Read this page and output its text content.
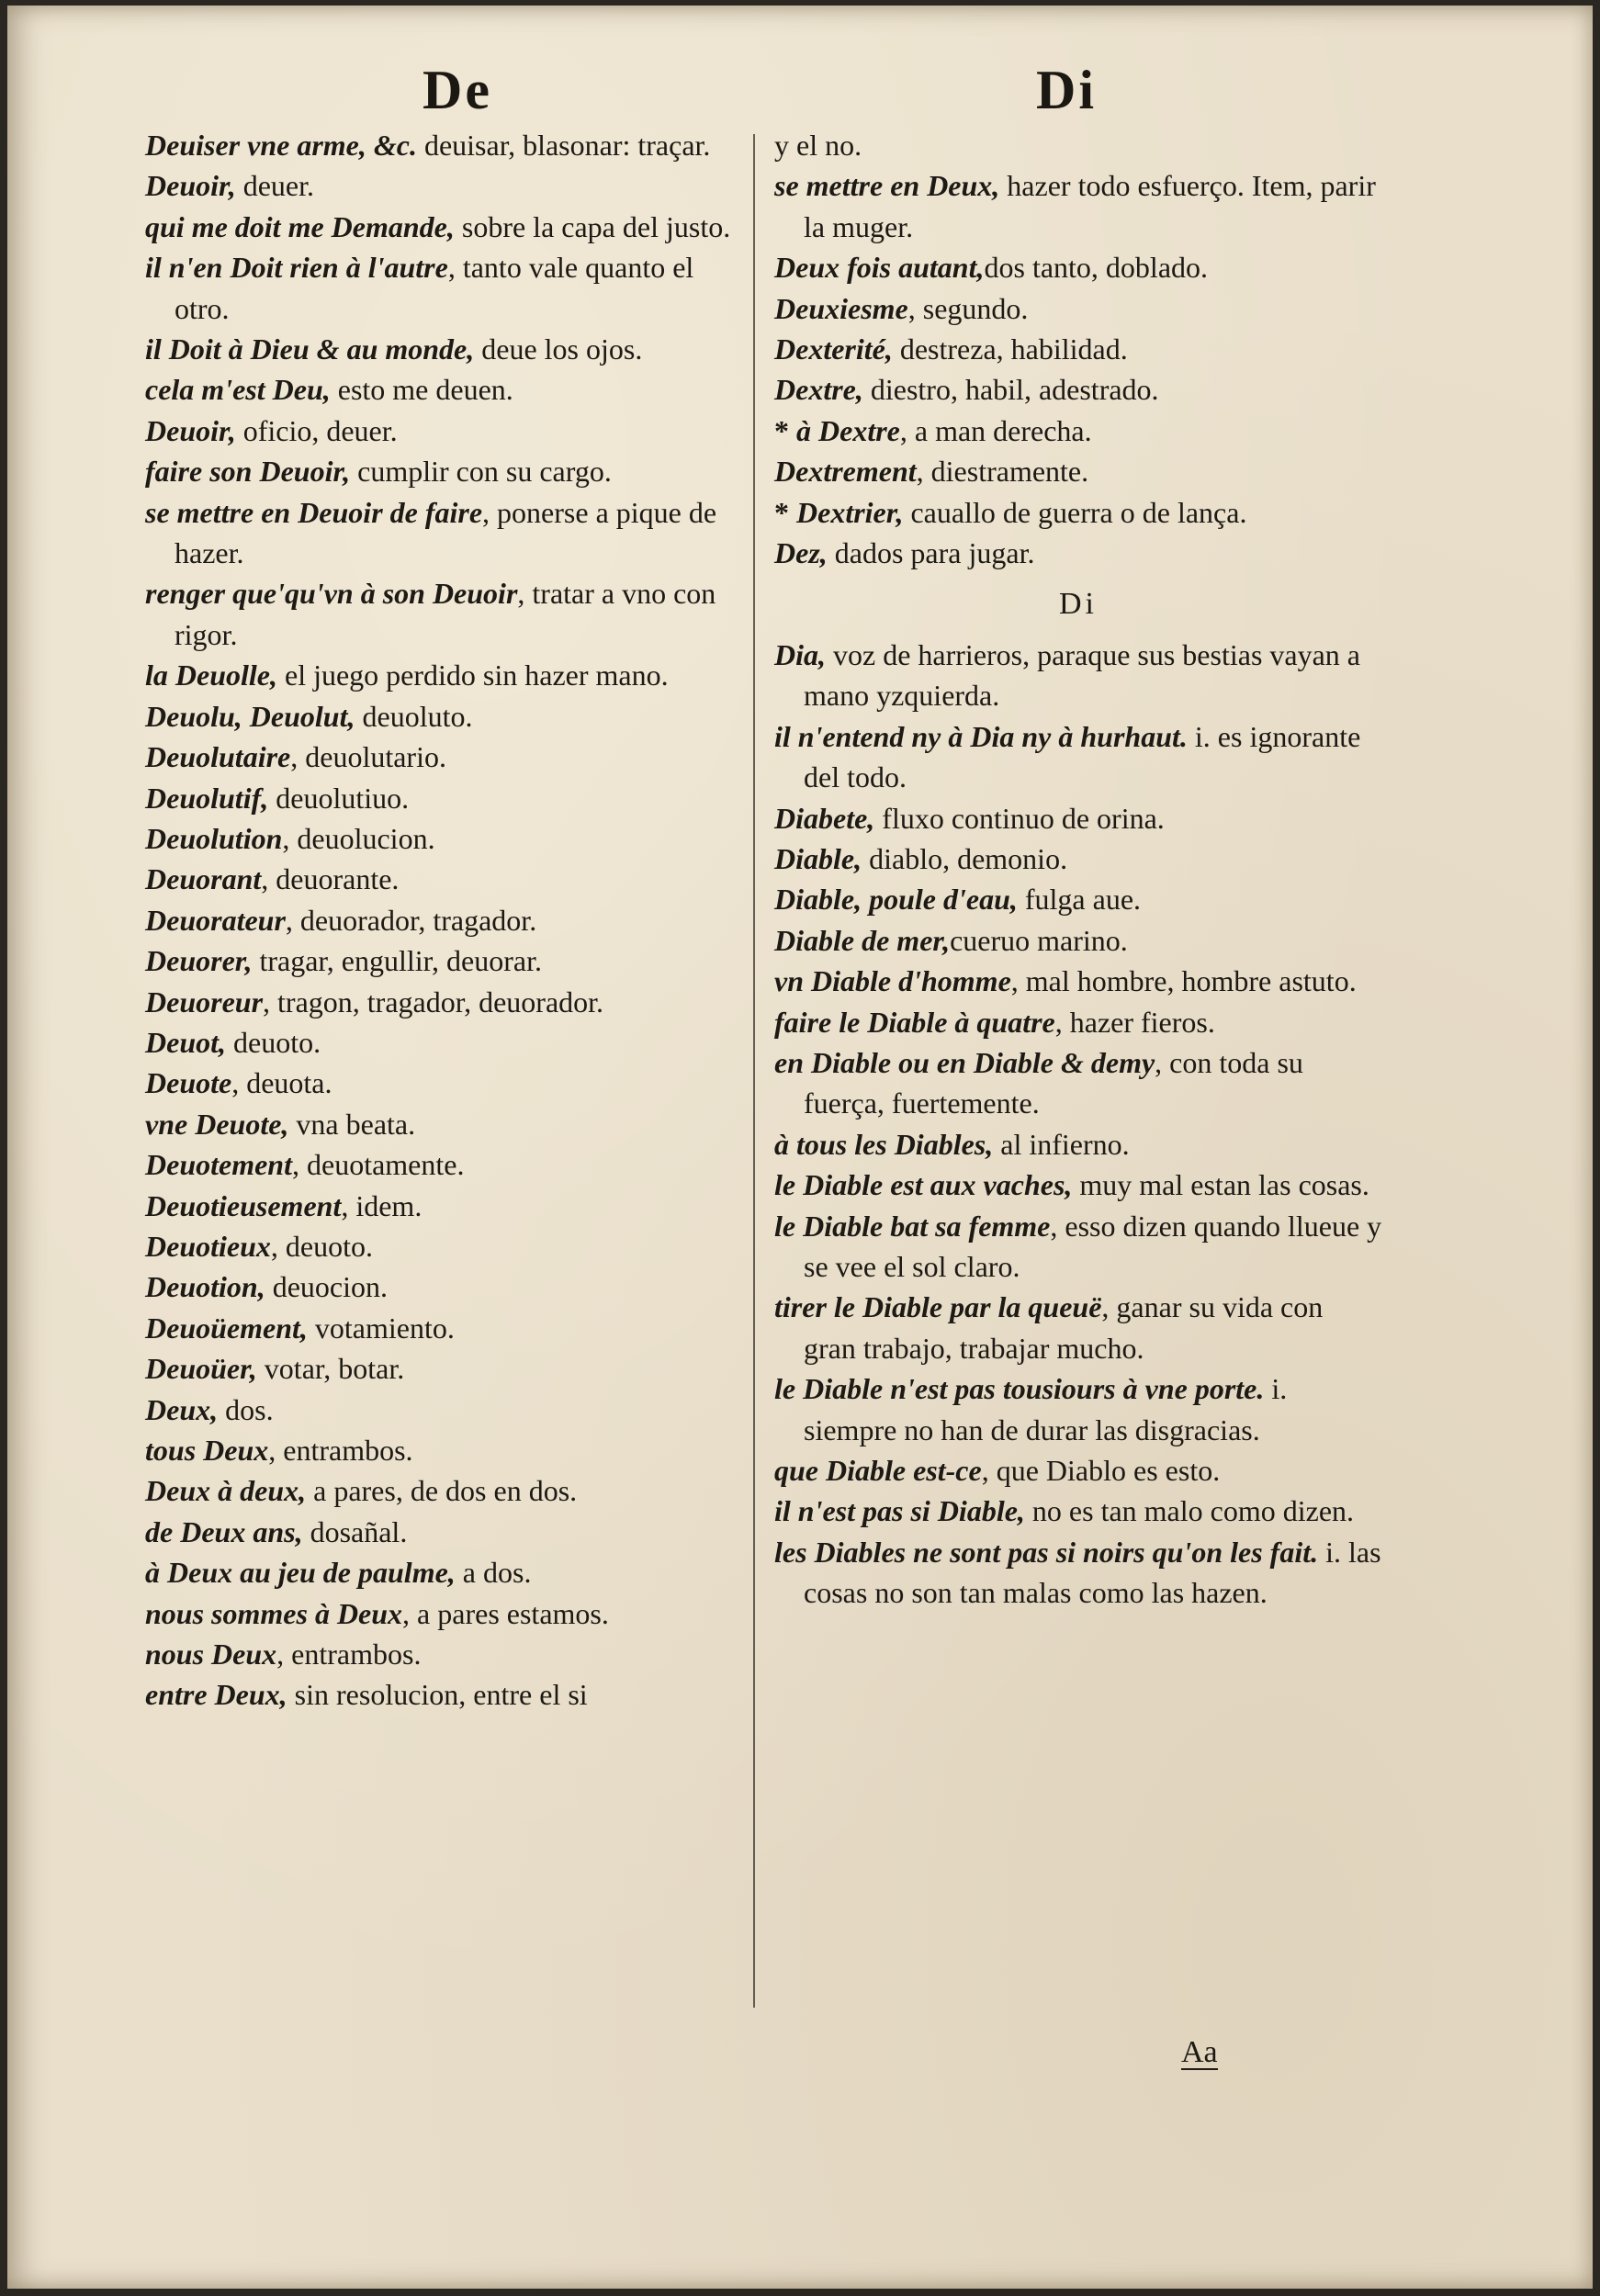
De	Di
Deuiser vne arme, &c. deuisar, blasonar: traçar.
Deuoir, deuer.
qui me doit me Demande, sobre la capa del justo.
il n'en Doit rien à l'autre, tanto vale quanto el otro.
il Doit à Dieu & au monde, deue los ojos.
cela m'est Deu, esto me deuen.
Deuoir, oficio, deuer.
faire son Deuoir, cumplir con su cargo.
se mettre en Deuoir de faire, ponerse a pique de hazer.
renger que'qu'vn à son Deuoir, tratar a vno con rigor.
la Deuolle, el juego perdido sin hazer mano.
Deuolu, Deuolut, deuoluto.
Deuolutaire, deuolutario.
Deuolutif, deuolutiuo.
Deuolution, deuolucion.
Deuorant, deuorante.
Deuorateur, deuorador, tragador.
Deuorer, tragar, engullir, deuorar.
Deuoreur, tragon, tragador, deuorador.
Deuot, deuoto.
Deuote, deuota.
vne Deuote, vna beata.
Deuotement, deuotamente.
Deuotieusement, idem.
Deuotieux, deuoto.
Deuotion, deuocion.
Deuoüement, votamiento.
Deuoüer, votar, botar.
Deux, dos.
tous Deux, entrambos.
Deux à deux, a pares, de dos en dos.
de Deux ans, dosañal.
à Deux au jeu de paulme, a dos.
nous sommes à Deux, a pares estamos.
nous Deux, entrambos.
entre Deux, sin resolucion, entre el si
y el no.
se mettre en Deux, hazer todo esfuerço. Item, parir la muger.
Deux fois autant,dos tanto, doblado.
Deuxiesme, segundo.
Dexterité, destreza, habilidad.
Dextre, diestro, habil, adestrado.
* à Dextre, a man derecha.
Dextrement, diestramente.
* Dextrier, cauallo de guerra o de lança.
Dez, dados para jugar.
Di
Dia, voz de harrieros, paraque sus bestias vayan a mano yzquierda.
il n'entend ny à Dia ny à hurhaut. i. es ignorante del todo.
Diabete, fluxo continuo de orina.
Diable, diablo, demonio.
Diable, poule d'eau, fulga aue.
Diable de mer,cueruo marino.
vn Diable d'homme, mal hombre, hombre astuto.
faire le Diable à quatre, hazer fieros.
en Diable ou en Diable & demy, con toda su fuerça, fuertemente.
à tous les Diables, al infierno.
le Diable est aux vaches, muy mal estan las cosas.
le Diable bat sa femme, esso dizen quando llueue y se vee el sol claro.
tirer le Diable par la queuë, ganar su vida con gran trabajo, trabajar mucho.
le Diable n'est pas tousiours à vne porte. i. siempre no han de durar las disgracias.
que Diable est-ce, que Diablo es esto.
il n'est pas si Diable, no es tan malo como dizen.
les Diables ne sont pas si noirs qu'on les fait. i. las cosas no son tan malas como las hazen.
Aa
